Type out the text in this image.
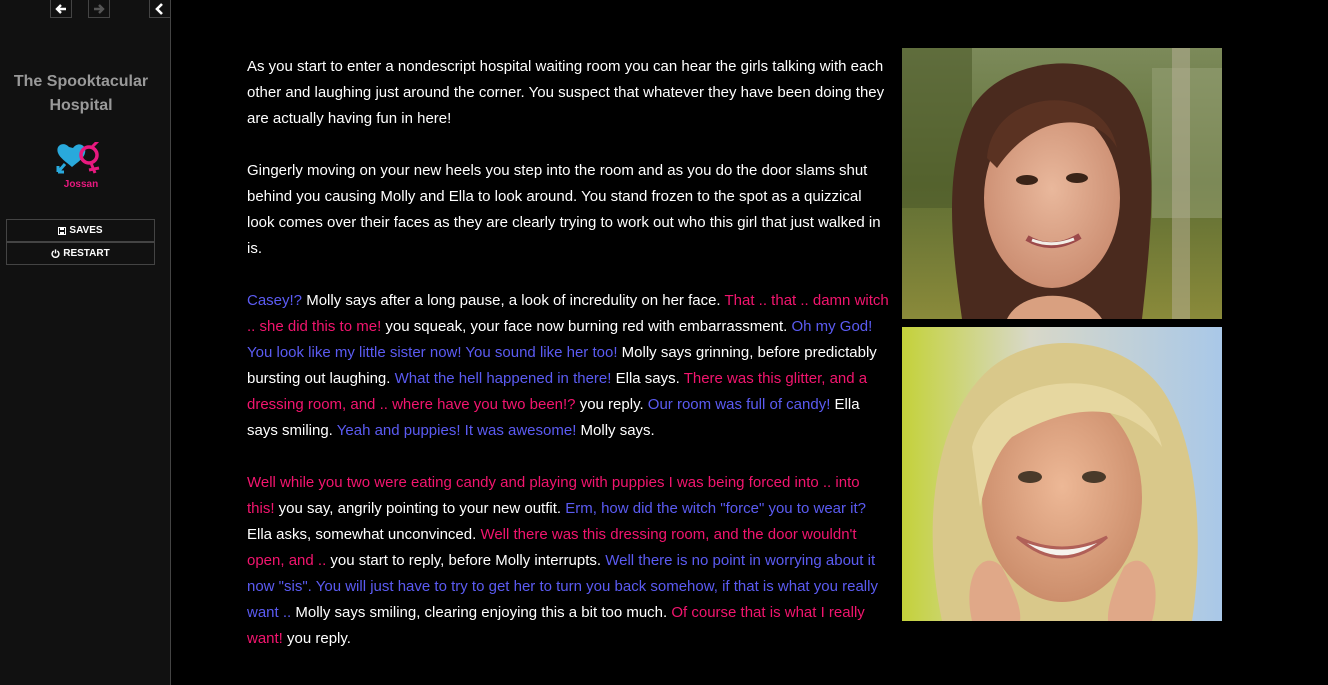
The Spooktacular
Hospital
Jossan
SAVES
RESTART

As you start to enter a nondescript hospital waiting room you can hear the girls talking with each other and laughing just around the corner. You suspect that whatever they have been doing they are actually having fun in here!

Gingerly moving on your new heels you step into the room and as you do the door slams shut behind you causing Molly and Ella to look around. You stand frozen to the spot as a quizzical look comes over their faces as they are clearly trying to work out who this girl that just walked in is.

Casey!? Molly says after a long pause, a look of incredulity on her face. That .. that .. damn witch .. she did this to me! you squeak, your face now burning red with embarrassment. Oh my God! You look like my little sister now! You sound like her too! Molly says grinning, before predictably bursting out laughing. What the hell happened in there! Ella says. There was this glitter, and a dressing room, and .. where have you two been!? you reply. Our room was full of candy! Ella says smiling. Yeah and puppies! It was awesome! Molly says.

Well while you two were eating candy and playing with puppies I was being forced into .. into this! you say, angrily pointing to your new outfit. Erm, how did the witch "force" you to wear it? Ella asks, somewhat unconvinced. Well there was this dressing room, and the door wouldn't open, and .. you start to reply, before Molly interrupts. Well there is no point in worrying about it now "sis". You will just have to try to get her to turn you back somehow, if that is what you really want .. Molly says smiling, clearing enjoying this a bit too much. Of course that is what I really want! you reply.
